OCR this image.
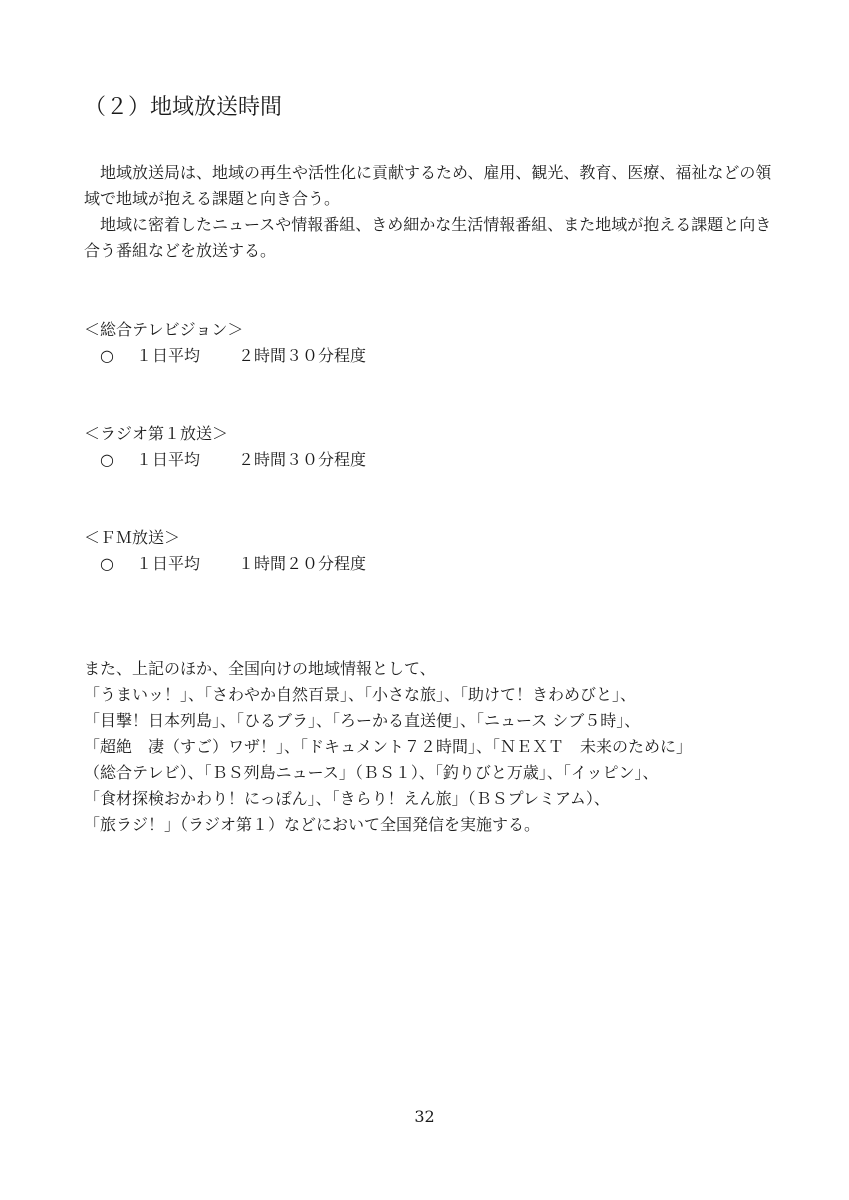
（２）地域放送時間

地域放送局は、地域の再生や活性化に貢献するため、雇用、観光、教育、医療、福祉などの領域で地域が抱える課題と向き合う。

地域に密着したニュースや情報番組、きめ細かな生活情報番組、また地域が抱える課題と向き合う番組などを放送する。

＜総合テレビジョン＞
○ １日平均 ２時間３０分程度
＜ラジオ第１放送＞
○ １日平均 ２時間３０分程度
＜ＦＭ放送＞
○ １日平均 １時間２０分程度
また、上記のほか、全国向けの地域情報として、
「うまいッ！」、「さわやか自然百景」、「小さな旅」、「助けて！きわめびと」、
「目撃！日本列島」、「ひるブラ」、「ろーかる直送便」、「ニュース シブ５時」、
「超絶　凄（すご）ワザ！」、「ドキュメント７２時間」、「ＮＥＸＴ　未来のために」
（総合テレビ）、「ＢＳ列島ニュース」（ＢＳ１）、「釣りびと万歳」、「イッピン」、
「食材探検おかわり！にっぽん」、「きらり！えん旅」（ＢＳプレミアム）、
「旅ラジ！」（ラジオ第１）などにおいて全国発信を実施する。
32
